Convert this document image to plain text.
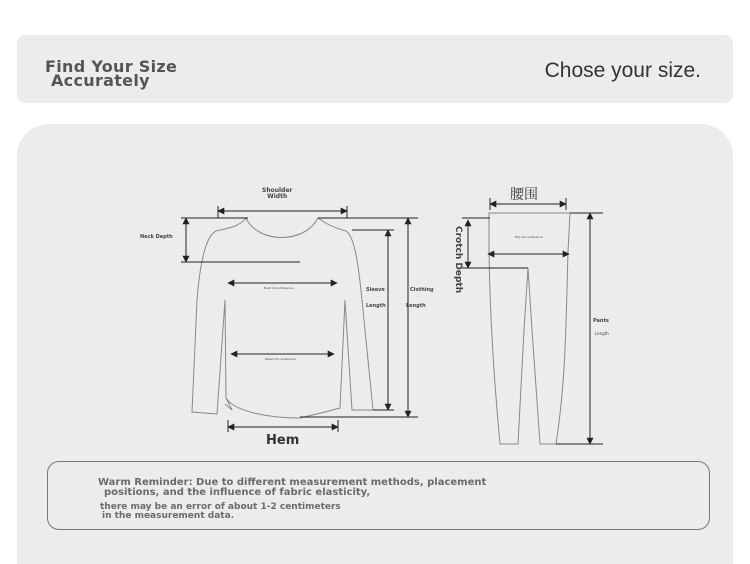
Find Your Size
Accurately	Chose your size.
Shoulder
Width
Neck Depth
Bust Circumference
Waist Circumference
Sleeve
Length
Clothing
Length
Hem
腰围
Crotch Depth	Hip Circumference
Pants
Length
Warm Reminder: Due to different measurement methods, placement
positions, and the influence of fabric elasticity,
there may be an error of about 1-2 centimeters
in the measurement data.
